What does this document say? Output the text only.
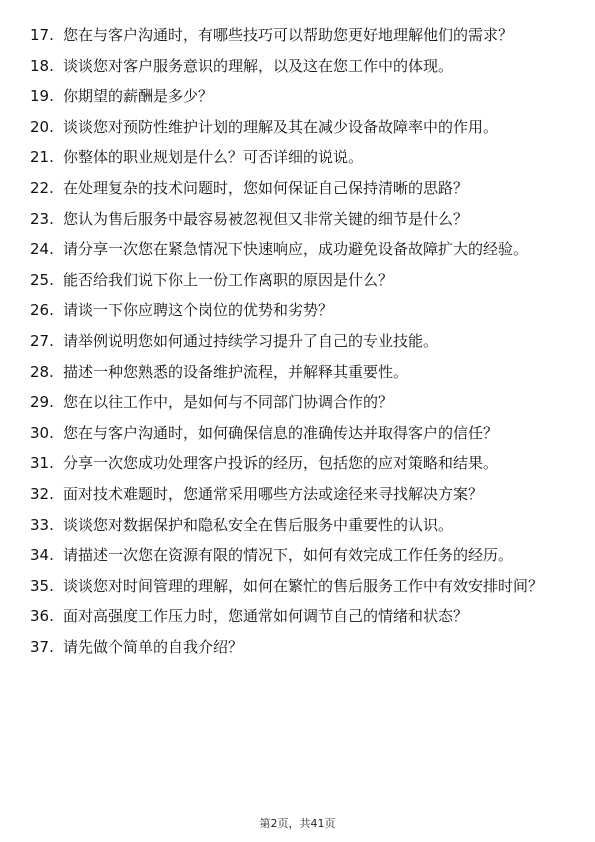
17. 您在与客户沟通时，有哪些技巧可以帮助您更好地理解他们的需求？
18. 谈谈您对客户服务意识的理解，以及这在您工作中的体现。
19. 你期望的薪酬是多少？
20. 谈谈您对预防性维护计划的理解及其在减少设备故障率中的作用。
21. 你整体的职业规划是什么？可否详细的说说。
22. 在处理复杂的技术问题时，您如何保证自己保持清晰的思路？
23. 您认为售后服务中最容易被忽视但又非常关键的细节是什么？
24. 请分享一次您在紧急情况下快速响应，成功避免设备故障扩大的经验。
25. 能否给我们说下你上一份工作离职的原因是什么？
26. 请谈一下你应聘这个岗位的优势和劣势？
27. 请举例说明您如何通过持续学习提升了自己的专业技能。
28. 描述一种您熟悉的设备维护流程，并解释其重要性。
29. 您在以往工作中，是如何与不同部门协调合作的？
30. 您在与客户沟通时，如何确保信息的准确传达并取得客户的信任？
31. 分享一次您成功处理客户投诉的经历，包括您的应对策略和结果。
32. 面对技术难题时，您通常采用哪些方法或途径来寻找解决方案？
33. 谈谈您对数据保护和隐私安全在售后服务中重要性的认识。
34. 请描述一次您在资源有限的情况下，如何有效完成工作任务的经历。
35. 谈谈您对时间管理的理解，如何在繁忙的售后服务工作中有效安排时间？
36. 面对高强度工作压力时，您通常如何调节自己的情绪和状态？
37. 请先做个简单的自我介绍？
第2页，共41页
